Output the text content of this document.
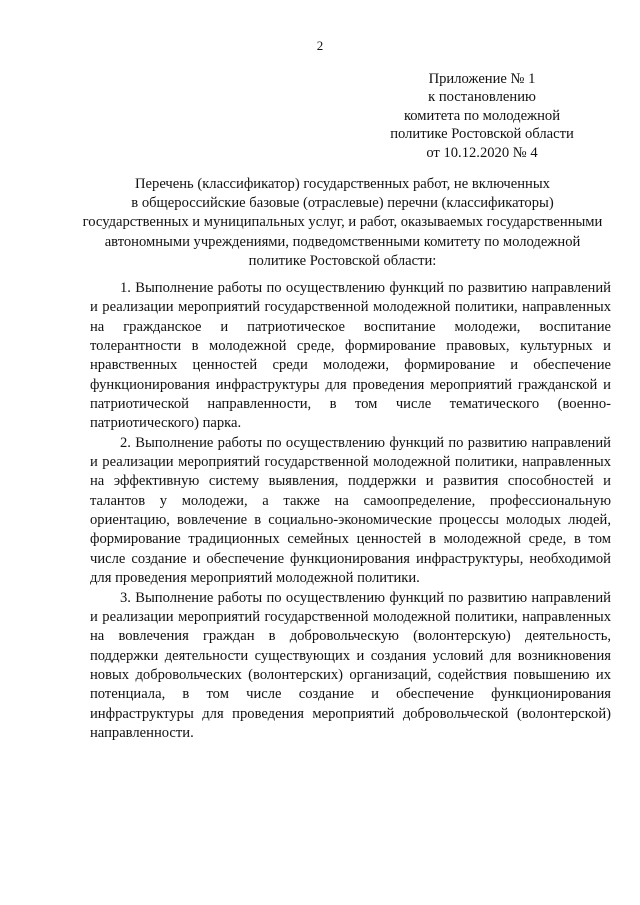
2
Приложение № 1
к постановлению
комитета по молодежной
политике Ростовской области
от 10.12.2020 № 4
Перечень (классификатор) государственных работ, не включенных
в общероссийские базовые (отраслевые) перечни (классификаторы)
государственных и муниципальных услуг, и работ, оказываемых государственными
автономными учреждениями, подведомственными комитету по молодежной
политике Ростовской области:

1. Выполнение работы по осуществлению функций по развитию направлений и реализации мероприятий государственной молодежной политики, направленных на гражданское и патриотическое воспитание молодежи, воспитание толерантности в молодежной среде, формирование правовых, культурных и нравственных ценностей среди молодежи, формирование и обеспечение функционирования инфраструктуры для проведения мероприятий гражданской и патриотической направленности, в том числе тематического (военно-патриотического) парка.

2. Выполнение работы по осуществлению функций по развитию направлений и реализации мероприятий государственной молодежной политики, направленных на эффективную систему выявления, поддержки и развития способностей и талантов у молодежи, а также на самоопределение, профессиональную ориентацию, вовлечение в социально-экономические процессы молодых людей, формирование традиционных семейных ценностей в молодежной среде, в том числе создание и обеспечение функционирования инфраструктуры, необходимой для проведения мероприятий молодежной политики.

3. Выполнение работы по осуществлению функций по развитию направлений и реализации мероприятий государственной молодежной политики, направленных на вовлечения граждан в добровольческую (волонтерскую) деятельность, поддержки деятельности существующих и создания условий для возникновения новых добровольческих (волонтерских) организаций, содействия повышению их потенциала, в том числе создание и обеспечение функционирования инфраструктуры для проведения мероприятий добровольческой (волонтерской) направленности.
